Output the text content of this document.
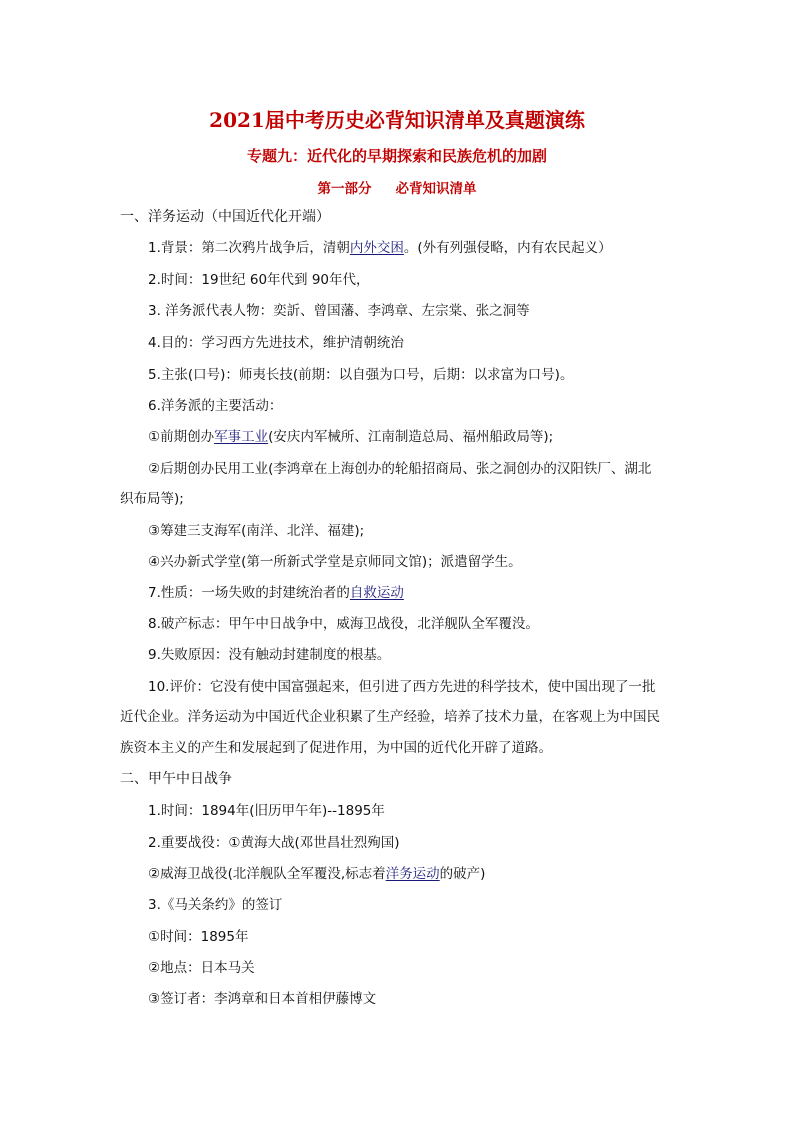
2021届中考历史必背知识清单及真题演练
专题九：近代化的早期探索和民族危机的加剧
第一部分 必背知识清单
一、洋务运动（中国近代化开端）
1.背景：第二次鸦片战争后，清朝内外交困。(外有列强侵略，内有农民起义）
2.时间：19世纪 60年代到 90年代，
3. 洋务派代表人物：奕訢、曾国藩、李鸿章、左宗棠、张之洞等
4.目的：学习西方先进技术，维护清朝统治
5.主张(口号)：师夷长技(前期：以自强为口号，后期：以求富为口号)。
6.洋务派的主要活动：
①前期创办军事工业(安庆内军械所、江南制造总局、福州船政局等);
②后期创办民用工业(李鸿章在上海创办的轮船招商局、张之洞创办的汉阳铁厂、湖北
织布局等);
③筹建三支海军(南洋、北洋、福建);
④兴办新式学堂(第一所新式学堂是京师同文馆)；派遣留学生。
7.性质：一场失败的封建统治者的自救运动
8.破产标志：甲午中日战争中，威海卫战役，北洋舰队全军覆没。
9.失败原因：没有触动封建制度的根基。
10.评价：它没有使中国富强起来，但引进了西方先进的科学技术，使中国出现了一批
近代企业。洋务运动为中国近代企业积累了生产经验，培养了技术力量，在客观上为中国民
族资本主义的产生和发展起到了促进作用，为中国的近代化开辟了道路。
二、甲午中日战争
1.时间：1894年(旧历甲午年)--1895年
2.重要战役：①黄海大战(邓世昌壮烈殉国)
②威海卫战役(北洋舰队全军覆没,标志着洋务运动的破产)
3.《马关条约》的签订
①时间：1895年
②地点：日本马关
③签订者：李鸿章和日本首相伊藤博文
